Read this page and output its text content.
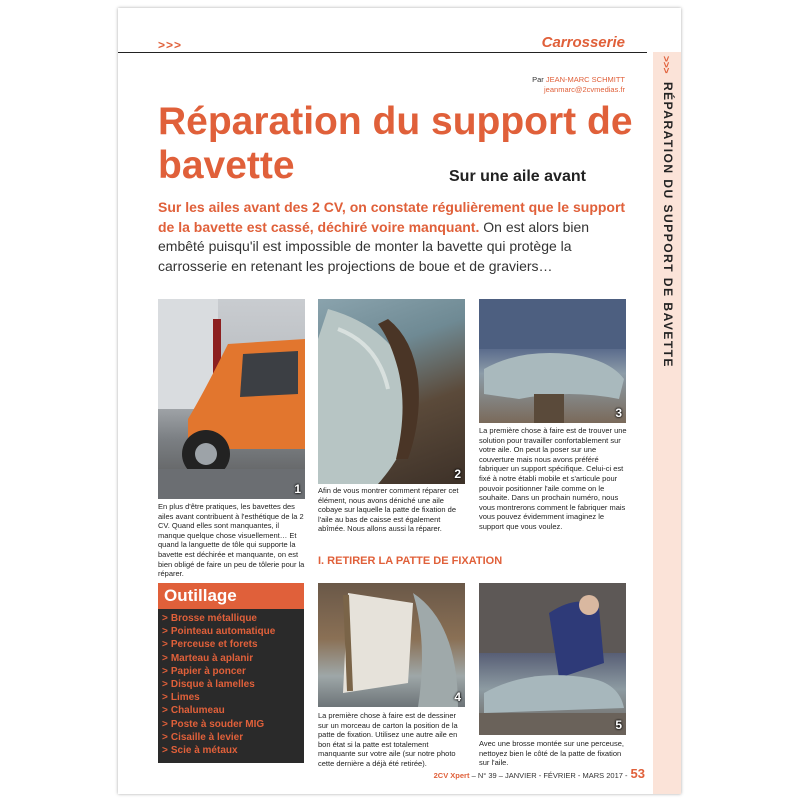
>>>	Carrosserie
>>>
RÉPARATION DU SUPPORT DE BAVETTE
Par JEAN-MARC SCHMITT
jeanmarc@2cvmedias.fr
Réparation du support de bavette	Sur une aile avant
Sur les ailes avant des 2 CV, on constate régulièrement que le support de la bavette est cassé, déchiré voire manquant. On est alors bien embêté puisqu'il est impossible de monter la bavette qui protège la carrosserie en retenant les projections de boue et de graviers…
1
En plus d'être pratiques, les bavettes des ailes avant contribuent à l'esthétique de la 2 CV. Quand elles sont manquantes, il manque quelque chose visuellement… Et quand la languette de tôle qui supporte la bavette est déchirée et manquante, on est bien obligé de faire un peu de tôlerie pour la réparer.
2
Afin de vous montrer comment réparer cet élément, nous avons déniché une aile cobaye sur laquelle la patte de fixation de l'aile au bas de caisse est également abîmée. Nous allons aussi la réparer.
3
La première chose à faire est de trouver une solution pour travailler confortablement sur votre aile. On peut la poser sur une couverture mais nous avons préféré fabriquer un support spécifique. Celui-ci est fixé à notre établi mobile et s'articule pour pouvoir positionner l'aile comme on le souhaite. Dans un prochain numéro, nous vous montrerons comment le fabriquer mais vous pouvez évidemment imaginez le support que vous voulez.
I. RETIRER LA PATTE DE FIXATION
Outillage
> Brosse métallique
> Pointeau automatique
> Perceuse et forets
> Marteau à aplanir
> Papier à poncer
> Disque à lamelles
> Limes
> Chalumeau
> Poste à souder MIG
> Cisaille à levier
> Scie à métaux
4
La première chose à faire est de dessiner sur un morceau de carton la position de la patte de fixation. Utilisez une autre aile en bon état si la patte est totalement manquante sur votre aile (sur notre photo cette dernière a déjà été retirée).
5
Avec une brosse montée sur une perceuse, nettoyez bien le côté de la patte de fixation sur l'aile.
2CV Xpert – N° 39 – JANVIER - FÉVRIER - MARS 2017 - 53
